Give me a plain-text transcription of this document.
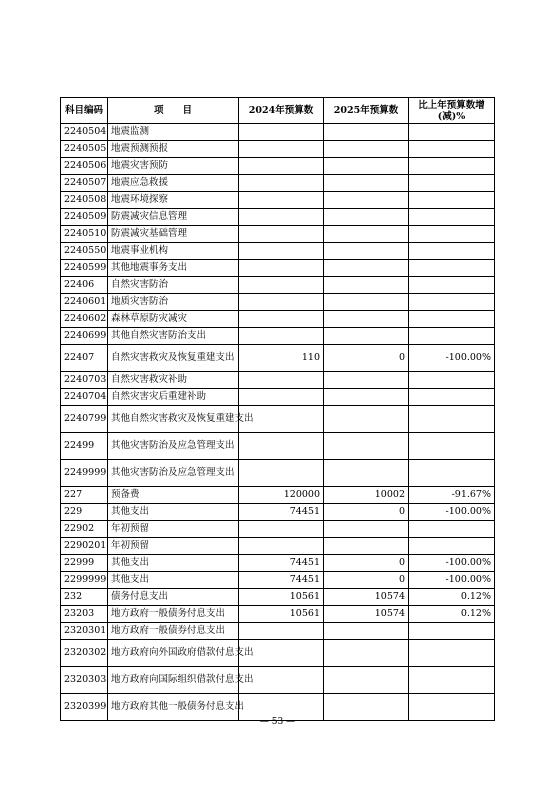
科目编码	项　　目	2024年预算数	2025年预算数	比上年预算数增(减)%
2240504	地震监测			
2240505	地震预测预报			
2240506	地震灾害预防			
2240507	地震应急救援			
2240508	地震环境探察			
2240509	防震减灾信息管理			
2240510	防震减灾基础管理			
2240550	地震事业机构			
2240599	其他地震事务支出			
22406	自然灾害防治			
2240601	地质灾害防治			
2240602	森林草原防灾减灾			
2240699	其他自然灾害防治支出			
22407	自然灾害救灾及恢复重建支出	110	0	-100.00%
2240703	自然灾害救灾补助			
2240704	自然灾害灾后重建补助			
2240799	其他自然灾害救灾及恢复重建支出			
22499	其他灾害防治及应急管理支出			
2249999	其他灾害防治及应急管理支出			
227	预备费	120000	10002	-91.67%
229	其他支出	74451	0	-100.00%
22902	年初预留			
2290201	年初预留			
22999	其他支出	74451	0	-100.00%
2299999	其他支出	74451	0	-100.00%
232	债务付息支出	10561	10574	0.12%
23203	地方政府一般债务付息支出	10561	10574	0.12%
2320301	地方政府一般债券付息支出			
2320302	地方政府向外国政府借款付息支出			
2320303	地方政府向国际组织借款付息支出			
2320399	地方政府其他一般债务付息支出			
— 53 —
